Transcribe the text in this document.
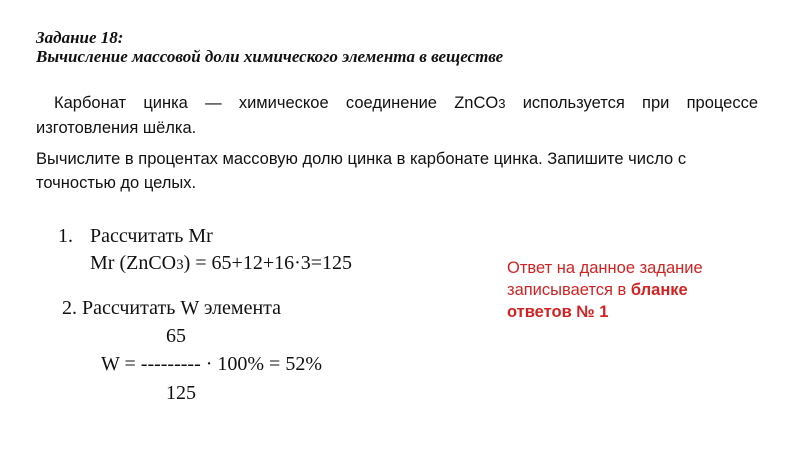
Задание 18:
Вычисление массовой доли химического элемента в веществе
Карбонат цинка — химическое соединение ZnCO3 используется при процессе изготовления шёлка.
Вычислите в процентах массовую долю цинка в карбонате цинка. Запишите число с точностью до целых.
1. Рассчитать Mr
Mr (ZnCO3) = 65+12+16·3=125
2. Рассчитать W элемента
65
W = --------- · 100% = 52%
125
Ответ на данное задание записывается в бланке ответов № 1
